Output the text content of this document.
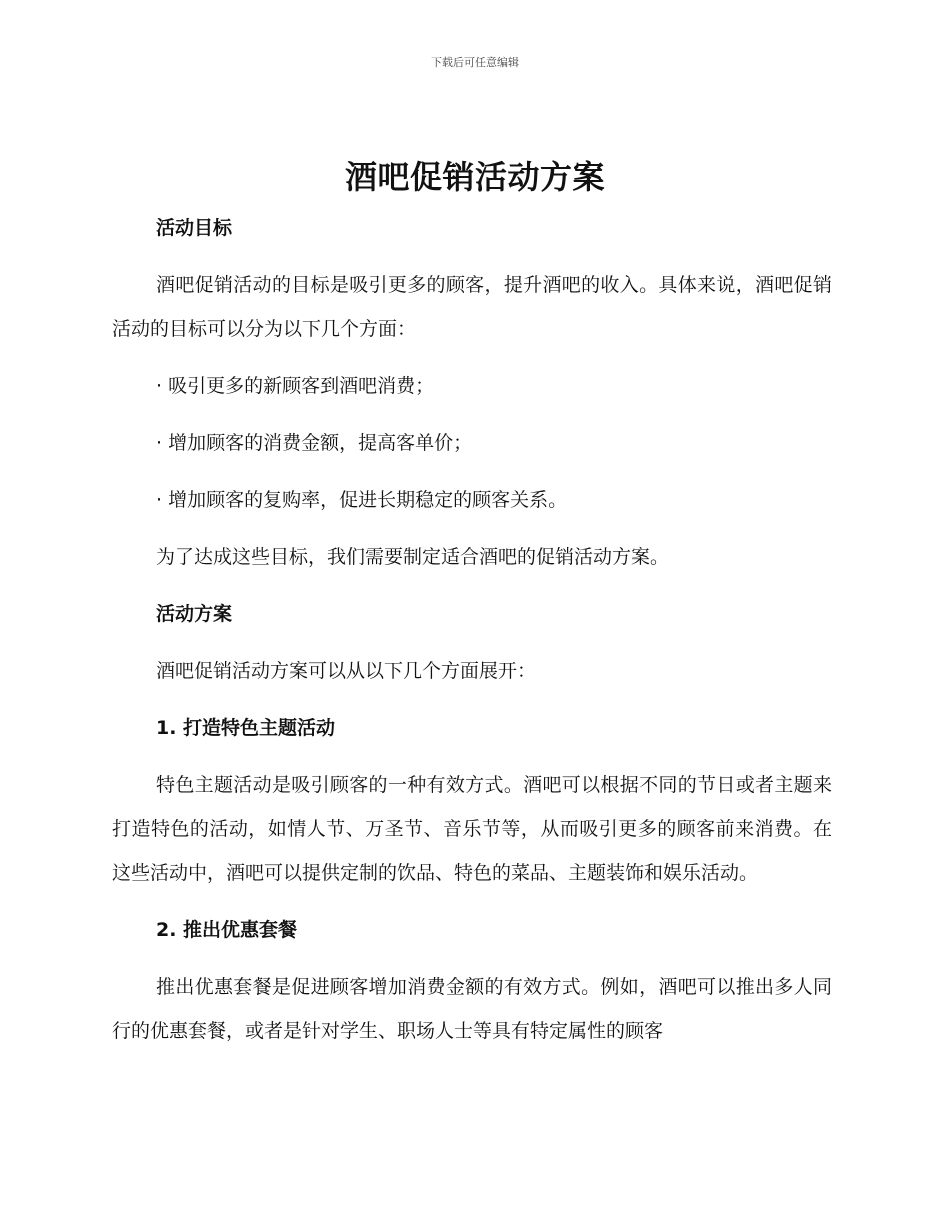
下载后可任意编辑
酒吧促销活动方案

活动目标

酒吧促销活动的目标是吸引更多的顾客，提升酒吧的收入。具体来说，酒吧促销活动的目标可以分为以下几个方面：

· 吸引更多的新顾客到酒吧消费；

· 增加顾客的消费金额，提高客单价；

· 增加顾客的复购率，促进长期稳定的顾客关系。

为了达成这些目标，我们需要制定适合酒吧的促销活动方案。

活动方案

酒吧促销活动方案可以从以下几个方面展开：

1. 打造特色主题活动

特色主题活动是吸引顾客的一种有效方式。酒吧可以根据不同的节日或者主题来打造特色的活动，如情人节、万圣节、音乐节等，从而吸引更多的顾客前来消费。在这些活动中，酒吧可以提供定制的饮品、特色的菜品、主题装饰和娱乐活动。

2. 推出优惠套餐

推出优惠套餐是促进顾客增加消费金额的有效方式。例如，酒吧可以推出多人同行的优惠套餐，或者是针对学生、职场人士等具有特定属性的顾客
